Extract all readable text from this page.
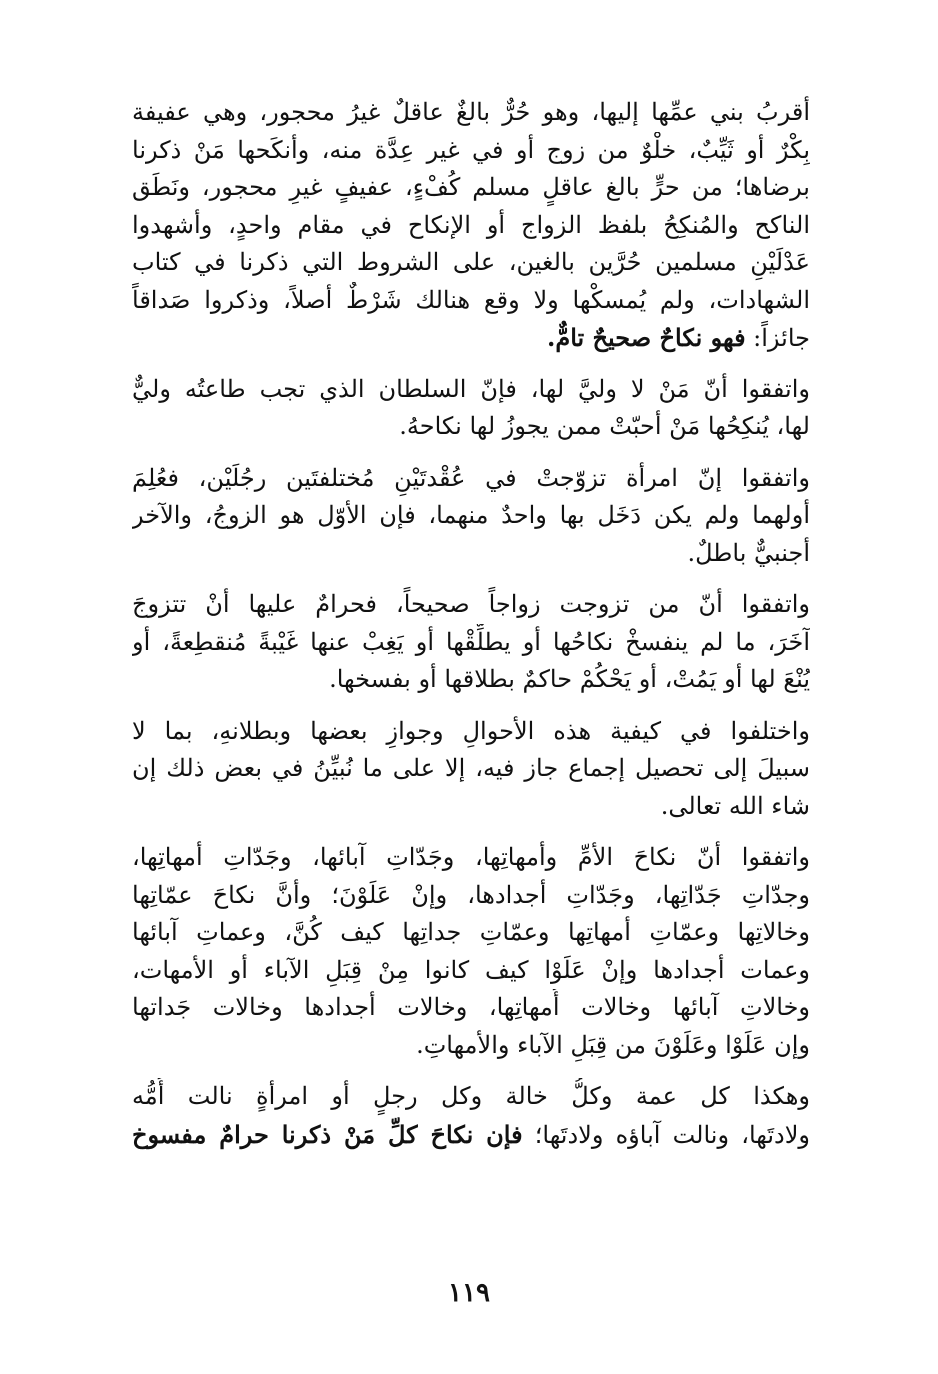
أقربُ بني عمِّها إليها، وهو حُرٌّ بالغٌ عاقلٌ غيرُ محجور، وهي عفيفة
بِكْرٌ أو ثَيِّبٌ، خلْوٌ من زوج أو في غير عِدَّة منه، وأنكَحها مَنْ ذكرنا
برضاها؛ من حرٍّ بالغ عاقلٍ مسلم كُفْءٍ، عفيفٍ غيرِ محجور، ونَطَق
الناكح والمُنكِحُ بلفظ الزواج أو الإنكاح في مقام واحدٍ، وأشهدوا
عَدْلَيْنِ مسلمين حُرَّين بالغين، على الشروط التي ذكرنا في كتاب
الشهادات، ولم يُمسكْها ولا وقع هنالك شَرْطٌ أصلاً، وذكروا صَداقاً
جائزاً: فهو نكاحٌ صحيحٌ تامٌّ.
واتفقوا أنّ مَنْ لا وليَّ لها، فإنّ السلطان الذي تجب طاعتُه وليٌّ
لها، يُنكِحُها مَنْ أحبّتْ ممن يجوزُ لها نكاحهُ.
واتفقوا إنّ امرأة تزوّجتْ في عُقْدتَيْنِ مُختلفتَين رجُلَيْن، فعُلِمَ
أولهما ولم يكن دَخَل بها واحدٌ منهما، فإن الأوّل هو الزوجُ، والآخر
أجنبيٌّ باطلٌ.
واتفقوا أنّ من تزوجت زواجاً صحيحاً، فحرامٌ عليها أنْ تتزوجَ
آخَرَ، ما لم ينفسخْ نكاحُها أو يطلِّقْها أو يَغِبْ عنها غَيْبةً مُنقطِعةً، أو
يُنْعَ لها أو يَمُتْ، أو يَحْكُمْ حاكمٌ بطلاقها أو بفسخها.
واختلفوا في كيفية هذه الأحوالِ وجوازِ بعضها وبطلانهِ، بما لا
سبيلَ إلى تحصيل إجماع جاز فيه، إلا على ما نُبيِّنُ في بعض ذلك إن
شاء الله تعالى.
واتفقوا أنّ نكاحَ الأمِّ وأمهاتِها، وجَدّاتِ آبائها، وجَدّاتِ أمهاتِها،
وجدّاتِ جَدّاتِها، وجَدّاتِ أجدادها، وإنْ عَلَوْنَ؛ وأنَّ نكاحَ عمّاتِها
وخالاتِها وعمّاتِ أمهاتِها وعمّاتِ جداتِها كيف كُنَّ، وعماتِ آبائها
وعمات أجدادها وإنْ عَلَوْا كيف كانوا مِنْ قِبَلِ الآباء أو الأمهات،
وخالاتِ آبائها وخالات أُمهاتِها، وخالات أجدادها وخالات جَداتها
وإن عَلَوْا وعَلَوْنَ من قِبَلِ الآباء والأمهاتِ.
وهكذا كل عمة وكلُّ خالة وكل رجلٍ أو امرأةٍ نالت أُمُّه
ولادتَها، ونالت آباؤه ولادتَها؛ فإن نكاحَ كلِّ مَنْ ذكرنا حرامٌ مفسوخ
١١٩
